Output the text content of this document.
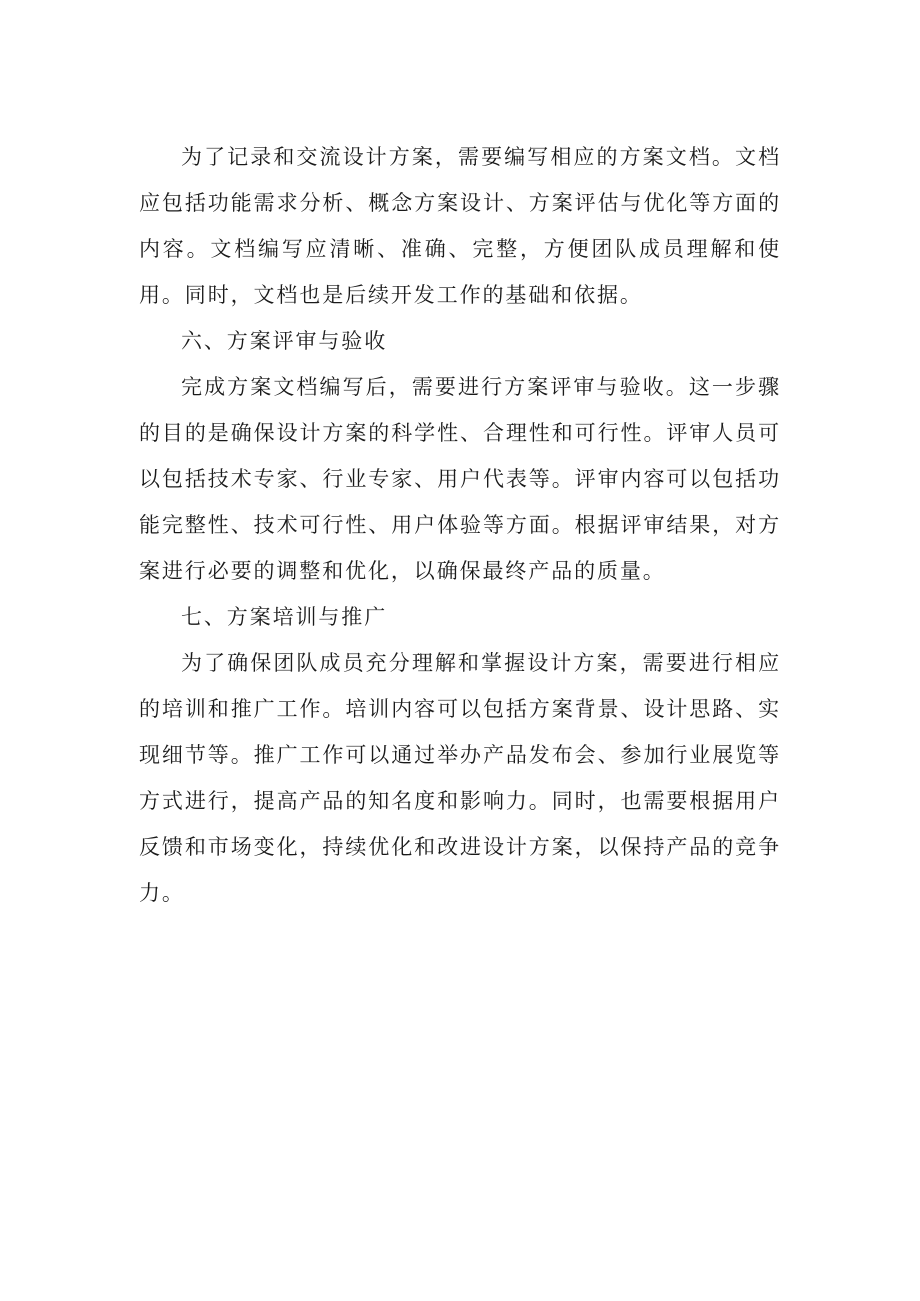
为了记录和交流设计方案，需要编写相应的方案文档。文档应包括功能需求分析、概念方案设计、方案评估与优化等方面的内容。文档编写应清晰、准确、完整，方便团队成员理解和使用。同时，文档也是后续开发工作的基础和依据。

六、方案评审与验收

完成方案文档编写后，需要进行方案评审与验收。这一步骤的目的是确保设计方案的科学性、合理性和可行性。评审人员可以包括技术专家、行业专家、用户代表等。评审内容可以包括功能完整性、技术可行性、用户体验等方面。根据评审结果，对方案进行必要的调整和优化，以确保最终产品的质量。

七、方案培训与推广

为了确保团队成员充分理解和掌握设计方案，需要进行相应的培训和推广工作。培训内容可以包括方案背景、设计思路、实现细节等。推广工作可以通过举办产品发布会、参加行业展览等方式进行，提高产品的知名度和影响力。同时，也需要根据用户反馈和市场变化，持续优化和改进设计方案，以保持产品的竞争力。
